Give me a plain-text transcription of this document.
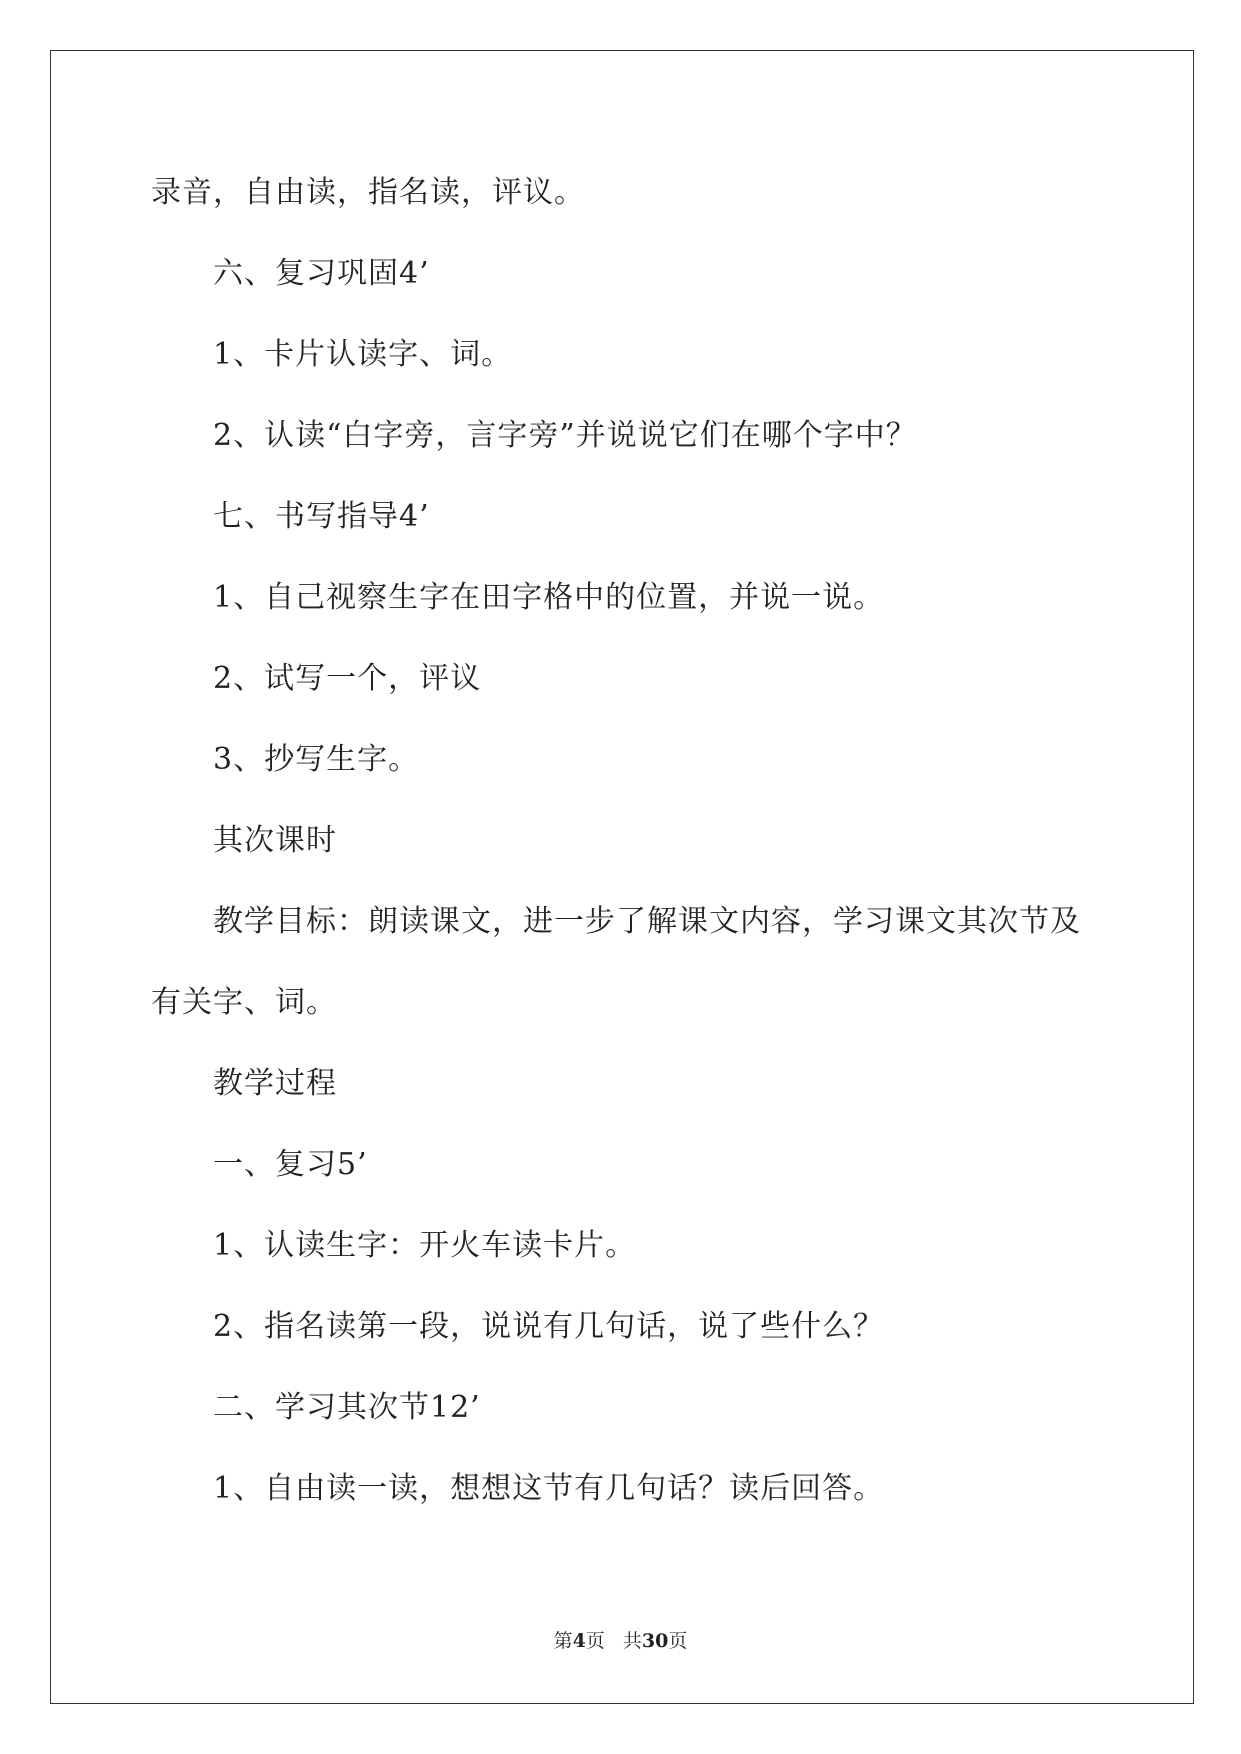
录音，自由读，指名读，评议。
六、复习巩固4’
1、卡片认读字、词。
2、认读“白字旁，言字旁”并说说它们在哪个字中？
七、书写指导4’
1、自己视察生字在田字格中的位置，并说一说。
2、试写一个，评议
3、抄写生字。
其次课时
教学目标：朗读课文，进一步了解课文内容，学习课文其次节及
有关字、词。
教学过程
一、复习5’
1、认读生字：开火车读卡片。
2、指名读第一段，说说有几句话，说了些什么？
二、学习其次节12’
1、自由读一读，想想这节有几句话？读后回答。
第4页 共30页
